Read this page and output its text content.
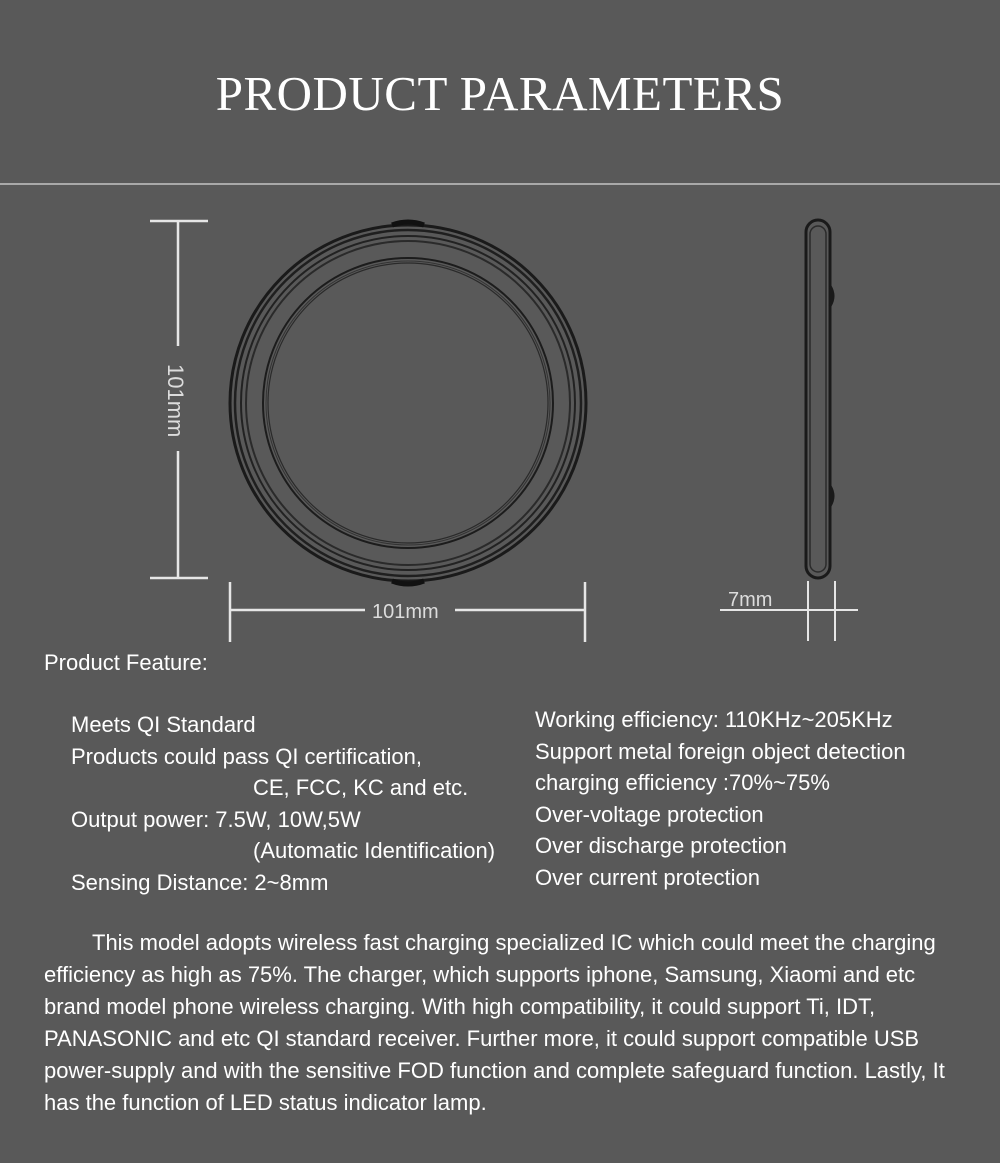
PRODUCT PARAMETERS
101mm
101mm
7mm
Product Feature:
Meets QI Standard
Products could pass QI certification,
CE, FCC, KC and etc.
Output power: 7.5W, 10W,5W
(Automatic Identification)
Sensing Distance: 2~8mm
Working efficiency: 110KHz~205KHz
Support metal foreign object detection
charging efficiency :70%~75%
Over-voltage protection
Over discharge protection
Over current protection
This model adopts wireless fast charging specialized IC which could meet the charging efficiency as high as 75%. The charger, which supports iphone, Samsung, Xiaomi and etc brand model phone wireless charging. With high compatibility, it could support Ti, IDT, PANASONIC and etc QI standard receiver. Further more, it could support compatible USB power-supply and with the sensitive FOD function and complete safeguard function. Lastly, It has the function of LED status indicator lamp.
